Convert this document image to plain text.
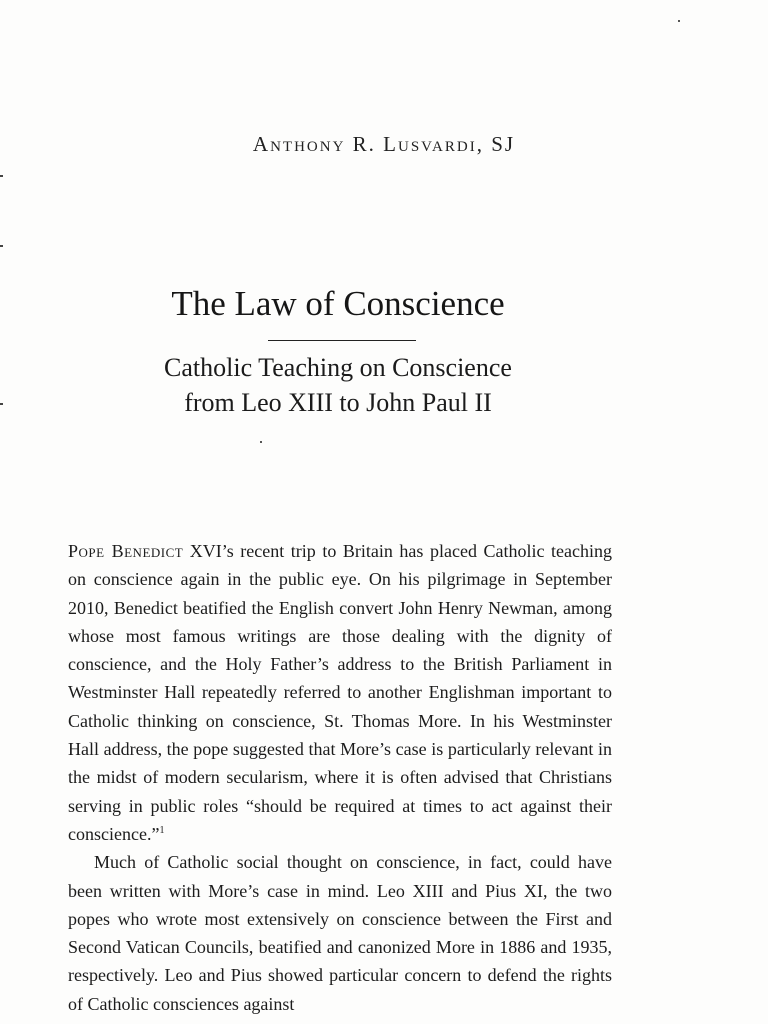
Anthony R. Lusvardi, SJ
The Law of Conscience
Catholic Teaching on Conscience
from Leo XIII to John Paul II

Pope Benedict XVI’s recent trip to Britain has placed Catholic teaching on conscience again in the public eye. On his pilgrimage in September 2010, Benedict beatified the English convert John Henry Newman, among whose most famous writings are those dealing with the dignity of conscience, and the Holy Father’s address to the British Parliament in Westminster Hall repeatedly referred to another Englishman important to Catholic thinking on conscience, St. Thomas More. In his Westminster Hall address, the pope suggested that More’s case is particularly relevant in the midst of modern secularism, where it is often advised that Christians serving in public roles “should be required at times to act against their conscience.”$^1$

Much of Catholic social thought on conscience, in fact, could have been written with More’s case in mind. Leo XIII and Pius XI, the two popes who wrote most extensively on conscience between the First and Second Vatican Councils, beatified and canonized More in 1886 and 1935, respectively. Leo and Pius showed particular concern to defend the rights of Catholic consciences against
